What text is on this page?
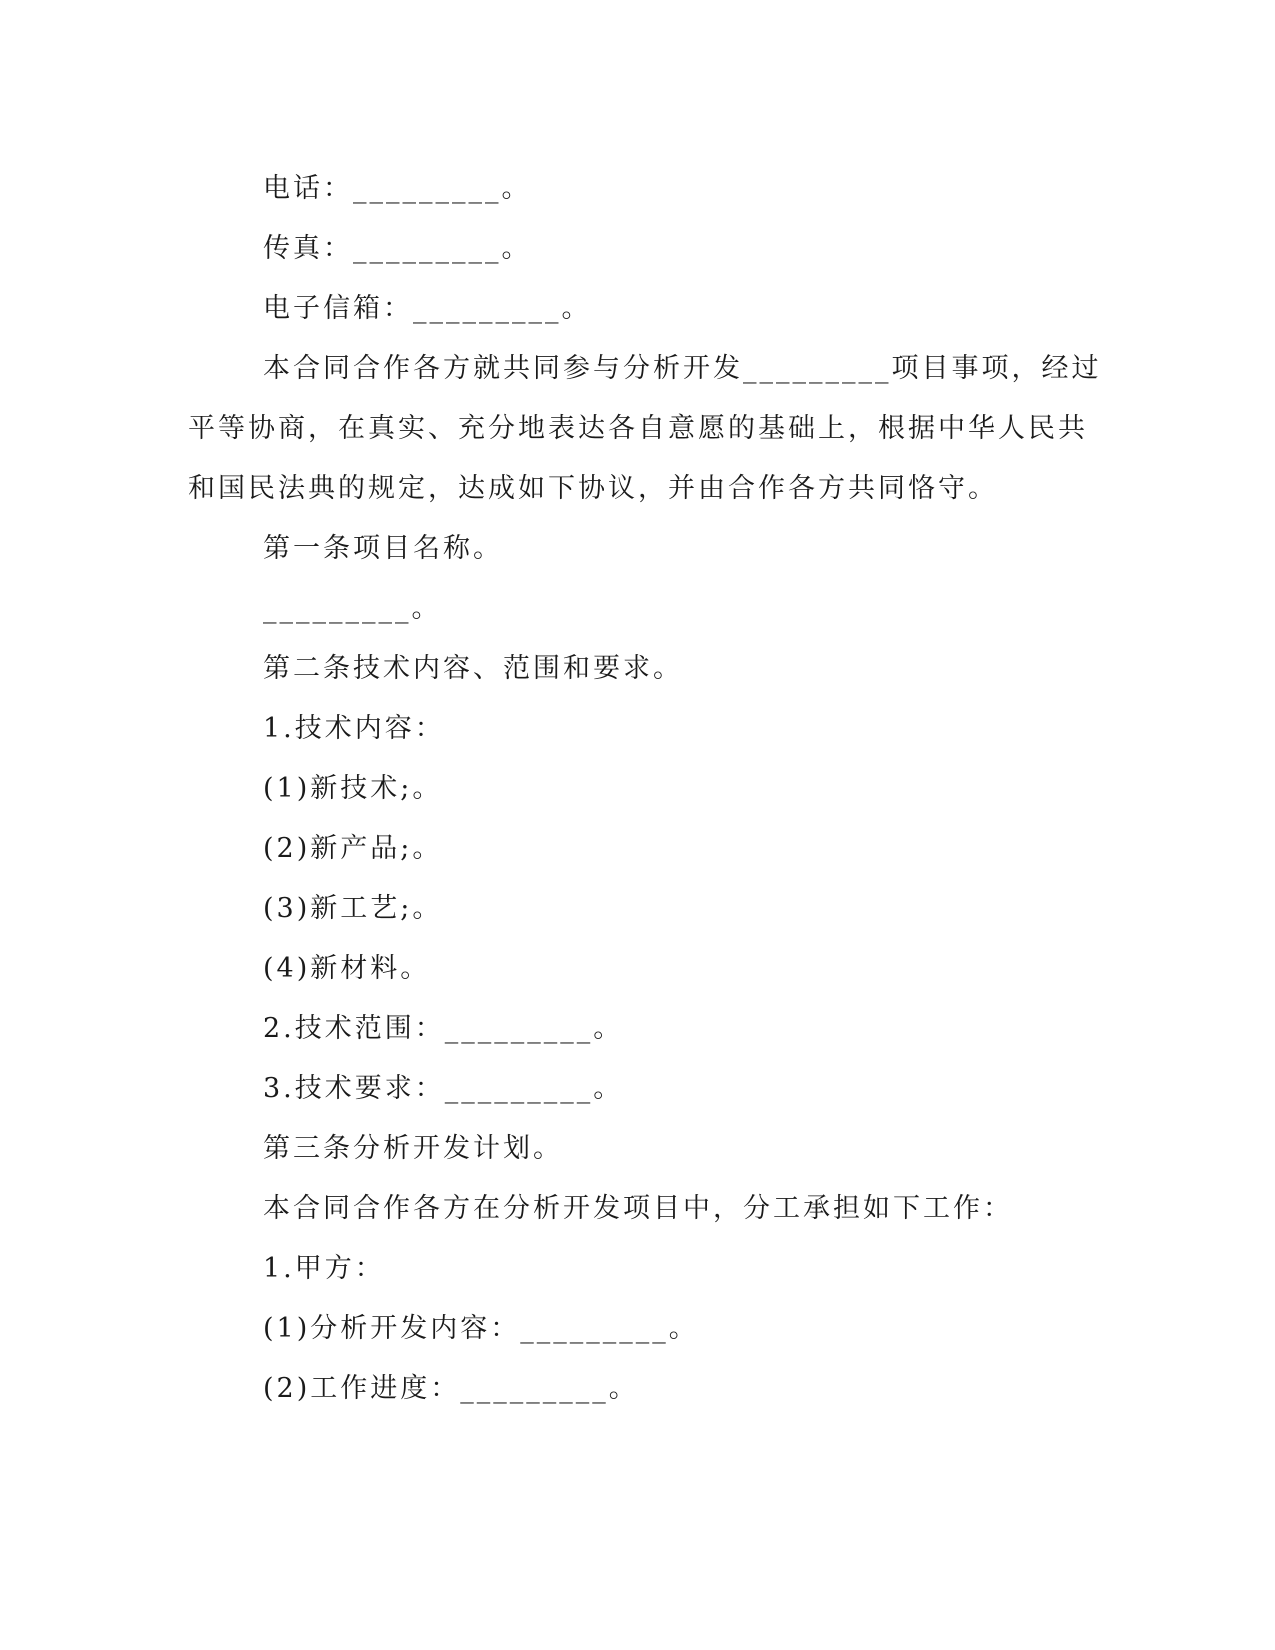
电话：_________。
传真：_________。
电子信箱：_________。
本合同合作各方就共同参与分析开发_________项目事项，经过
平等协商，在真实、充分地表达各自意愿的基础上，根据中华人民共
和国民法典的规定，达成如下协议，并由合作各方共同恪守。
第一条项目名称。
_________。
第二条技术内容、范围和要求。
1.技术内容：
(1)新技术;。
(2)新产品;。
(3)新工艺;。
(4)新材料。
2.技术范围：_________。
3.技术要求：_________。
第三条分析开发计划。
本合同合作各方在分析开发项目中，分工承担如下工作：
1.甲方：
(1)分析开发内容：_________。
(2)工作进度：_________。
